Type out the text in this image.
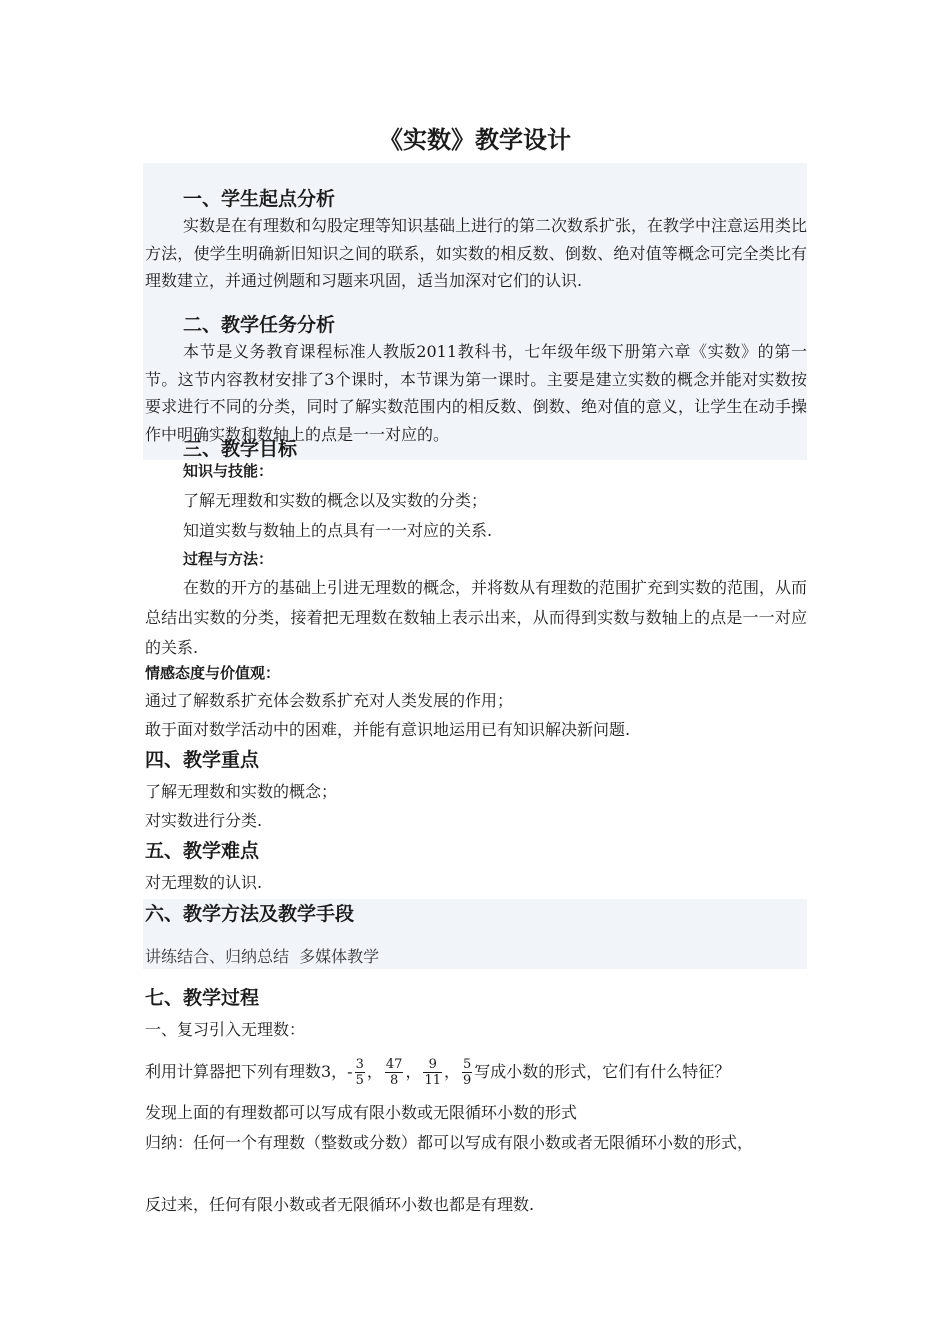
《实数》教学设计
一、学生起点分析
实数是在有理数和勾股定理等知识基础上进行的第二次数系扩张，在教学中注意运用类比方法，使学生明确新旧知识之间的联系，如实数的相反数、倒数、绝对值等概念可完全类比有理数建立，并通过例题和习题来巩固，适当加深对它们的认识.
二、教学任务分析
本节是义务教育课程标准人教版2011教科书，七年级年级下册第六章《实数》的第一节。这节内容教材安排了3个课时，本节课为第一课时。主要是建立实数的概念并能对实数按要求进行不同的分类，同时了解实数范围内的相反数、倒数、绝对值的意义，让学生在动手操作中明确实数和数轴上的点是一一对应的。
三、教学目标
知识与技能：
了解无理数和实数的概念以及实数的分类；
知道实数与数轴上的点具有一一对应的关系.
过程与方法：
在数的开方的基础上引进无理数的概念，并将数从有理数的范围扩充到实数的范围，从而总结出实数的分类，接着把无理数在数轴上表示出来，从而得到实数与数轴上的点是一一对应的关系.
情感态度与价值观：
通过了解数系扩充体会数系扩充对人类发展的作用；
敢于面对数学活动中的困难，并能有意识地运用已有知识解决新问题.
四、教学重点
了解无理数和实数的概念；
对实数进行分类.
五、教学难点
对无理数的认识.
六、教学方法及教学手段
讲练结合、归纳总结  多媒体教学
七、教学过程
一、复习引入无理数：
利用计算器把下列有理数3，- $\frac{3}{5}$ ， $\frac{47}{8}$ ， $\frac{9}{11}$ ， $\frac{5}{9}$ 写成小数的形式，它们有什么特征？
发现上面的有理数都可以写成有限小数或无限循环小数的形式
归纳：任何一个有理数（整数或分数）都可以写成有限小数或者无限循环小数的形式，
反过来，任何有限小数或者无限循环小数也都是有理数.
